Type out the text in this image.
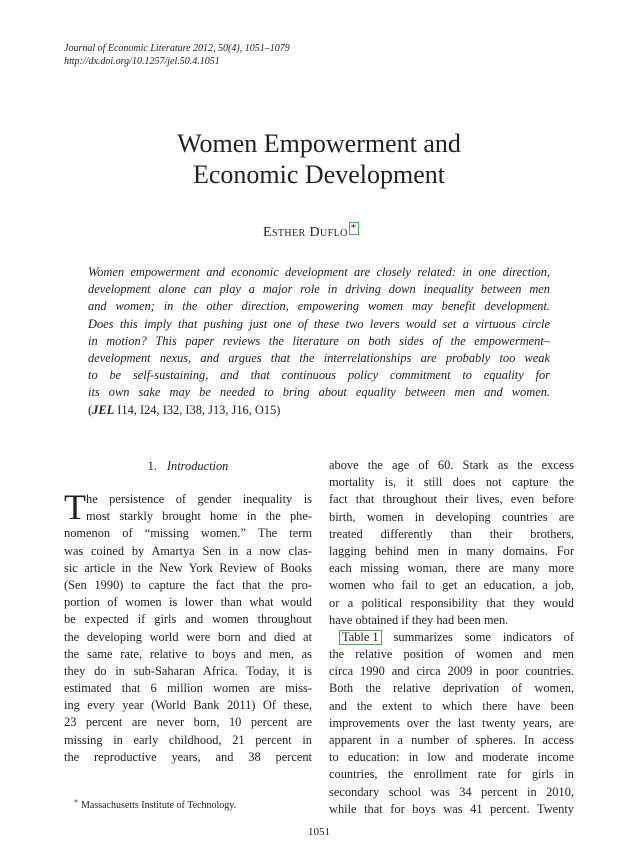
Journal of Economic Literature 2012, 50(4), 1051–1079
http://dx.doi.org/10.1257/jel.50.4.1051
Women Empowerment and
Economic Development
Esther Duflo *
Women empowerment and economic development are closely related: in one direction,
development alone can play a major role in driving down inequality between men
and women; in the other direction, empowering women may benefit development.
Does this imply that pushing just one of these two levers would set a virtuous circle
in motion? This paper reviews the literature on both sides of the empowerment–
development nexus, and argues that the interrelationships are probably too weak
to be self-sustaining, and that continuous policy commitment to equality for
its own sake may be needed to bring about equality between men and women.
(JEL I14, I24, I32, I38, J13, J16, O15)
1. Introduction
T he persistence of gender inequality is
most starkly brought home in the phe-
nomenon of “missing women.” The term
was coined by Amartya Sen in a now clas-
sic article in the New York Review of Books
(Sen 1990) to capture the fact that the pro-
portion of women is lower than what would
be expected if girls and women throughout
the developing world were born and died at
the same rate, relative to boys and men, as
they do in sub-Saharan Africa. Today, it is
estimated that 6 million women are miss-
ing every year (World Bank 2011) Of these,
23 percent are never born, 10 percent are
missing in early childhood, 21 percent in
the reproductive years, and 38 percent
above the age of 60. Stark as the excess
mortality is, it still does not capture the
fact that throughout their lives, even before
birth, women in developing countries are
treated differently than their brothers,
lagging behind men in many domains. For
each missing woman, there are many more
women who fail to get an education, a job,
or a political responsibility that they would
have obtained if they had been men.
Table 1 summarizes some indicators of
the relative position of women and men
circa 1990 and circa 2009 in poor countries.
Both the relative deprivation of women,
and the extent to which there have been
improvements over the last twenty years, are
apparent in a number of spheres. In access
to education: in low and moderate income
countries, the enrollment rate for girls in
secondary school was 34 percent in 2010,
while that for boys was 41 percent. Twenty
* Massachusetts Institute of Technology.
1051
